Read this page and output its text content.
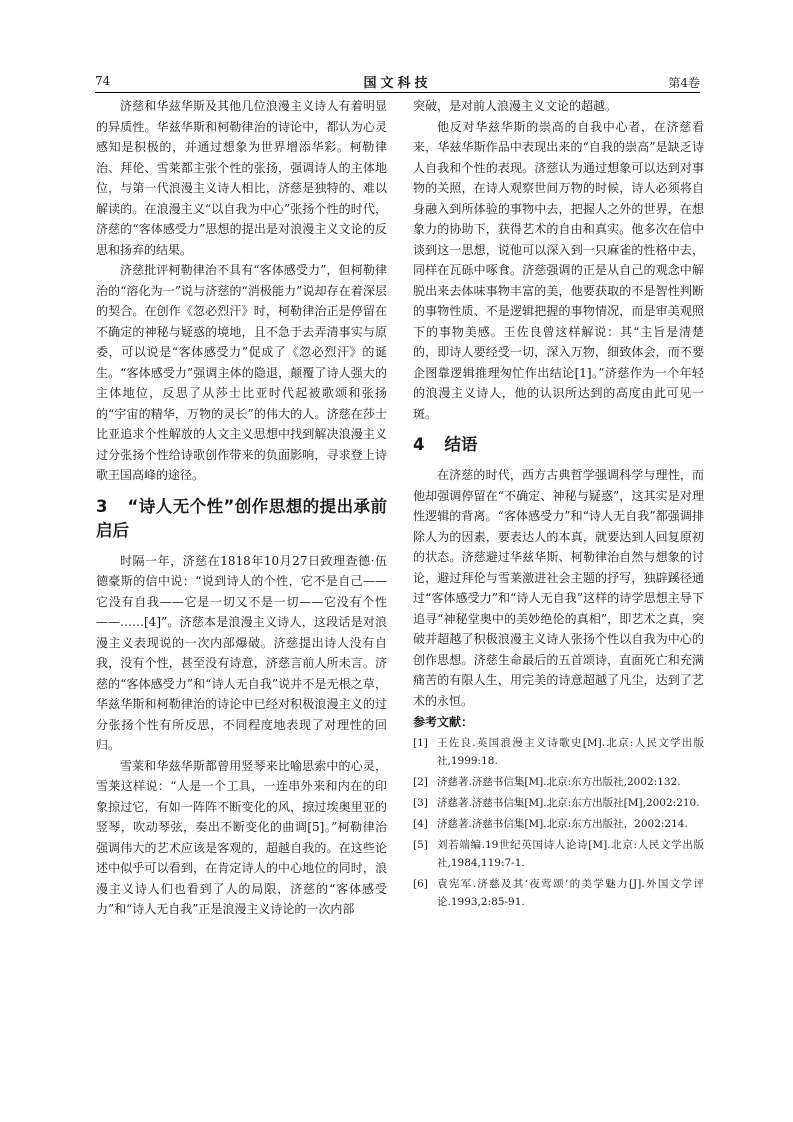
74	国文科技	第4卷

济慈和华兹华斯及其他几位浪漫主义诗人有着明显的异质性。华兹华斯和柯勒律治的诗论中，都认为心灵感知是积极的，并通过想象为世界增添华彩。柯勒律治、拜伦、雪莱都主张个性的张扬，强调诗人的主体地位，与第一代浪漫主义诗人相比，济慈是独特的、难以解读的。在浪漫主义“以自我为中心”张扬个性的时代，济慈的“客体感受力”思想的提出是对浪漫主义文论的反思和扬弃的结果。

济慈批评柯勒律治不具有“客体感受力”，但柯勒律治的“溶化为一”说与济慈的“消极能力”说却存在着深层的契合。在创作《忽必烈汗》时，柯勒律治正是停留在不确定的神秘与疑惑的境地，且不急于去弄清事实与原委，可以说是“客体感受力”促成了《忽必烈汗》的诞生。“客体感受力”强调主体的隐退，颠覆了诗人强大的主体地位，反思了从莎士比亚时代起被歌颂和张扬的“宇宙的精华，万物的灵长”的伟大的人。济慈在莎士比亚追求个性解放的人文主义思想中找到解决浪漫主义过分张扬个性给诗歌创作带来的负面影响，寻求登上诗歌王国高峰的途径。

3 “诗人无个性”创作思想的提出承前启后

时隔一年，济慈在1818年10月27日致理查德·伍德豪斯的信中说：“说到诗人的个性，它不是自己——它没有自我——它是一切又不是一切——它没有个性——……[4]”。济慈本是浪漫主义诗人，这段话是对浪漫主义表现说的一次内部爆破。济慈提出诗人没有自我，没有个性，甚至没有诗意，济慈言前人所未言。济慈的“客体感受力”和“诗人无自我”说并不是无根之草，华兹华斯和柯勒律治的诗论中已经对积极浪漫主义的过分张扬个性有所反思，不同程度地表现了对理性的回归。

雪莱和华兹华斯都曾用竖琴来比喻思索中的心灵，雪莱这样说：“人是一个工具，一连串外来和内在的印象掠过它，有如一阵阵不断变化的风，掠过埃奥里亚的竖琴，吹动琴弦，奏出不断变化的曲调[5]。”柯勒律治强调伟大的艺术应该是客观的，超越自我的。在这些论述中似乎可以看到，在肯定诗人的中心地位的同时，浪漫主义诗人们也看到了人的局限，济慈的“客体感受力”和“诗人无自我”正是浪漫主义诗论的一次内部

突破，是对前人浪漫主义文论的超越。

他反对华兹华斯的崇高的自我中心者，在济慈看来，华兹华斯作品中表现出来的“自我的崇高”是缺乏诗人自我和个性的表现。济慈认为通过想象可以达到对事物的关照，在诗人观察世间万物的时候，诗人必须将自身融入到所体验的事物中去，把握人之外的世界，在想象力的协助下，获得艺术的自由和真实。他多次在信中谈到这一思想，说他可以深入到一只麻雀的性格中去，同样在瓦砾中啄食。济慈强调的正是从自己的观念中解脱出来去体味事物丰富的美，他要获取的不是智性判断的事物性质、不是逻辑把握的事物情况，而是审美观照下的事物美感。王佐良曾这样解说：其“主旨是清楚的，即诗人要经受一切，深入万物，细致体会，而不要企图靠逻辑推理匆忙作出结论[1]。”济慈作为一个年轻的浪漫主义诗人，他的认识所达到的高度由此可见一斑。

4 结语

在济慈的时代，西方古典哲学强调科学与理性，而他却强调停留在“不确定、神秘与疑惑”，这其实是对理性逻辑的背离。“客体感受力”和“诗人无自我”都强调排除人为的因素，要表达人的本真，就要达到人回复原初的状态。济慈避过华兹华斯、柯勒律治自然与想象的讨论，避过拜伦与雪莱激进社会主题的抒写，独辟蹊径通过“客体感受力”和“诗人无自我”这样的诗学思想主导下追寻“神秘堂奥中的美妙绝伦的真相”，即艺术之真，突破并超越了积极浪漫主义诗人张扬个性以自我为中心的创作思想。济慈生命最后的五首颂诗，直面死亡和充满痛苦的有限人生，用完美的诗意超越了凡尘，达到了艺术的永恒。

参考文献：
[1] 王佐良.英国浪漫主义诗歌史[M].北京:人民文学出版社,1999:18.
[2] 济慈著.济慈书信集[M].北京:东方出版社,2002:132.
[3] 济慈著.济慈书信集[M].北京:东方出版社[M],2002:210.
[4] 济慈著.济慈书信集[M].北京:东方出版社，2002:214.
[5] 刘若端编.19世纪英国诗人论诗[M].北京:人民文学出版社,1984,119:7-1.
[6] 袁宪军.济慈及其‘夜莺颂’的美学魅力[J].外国文学评论.1993,2:85-91.
